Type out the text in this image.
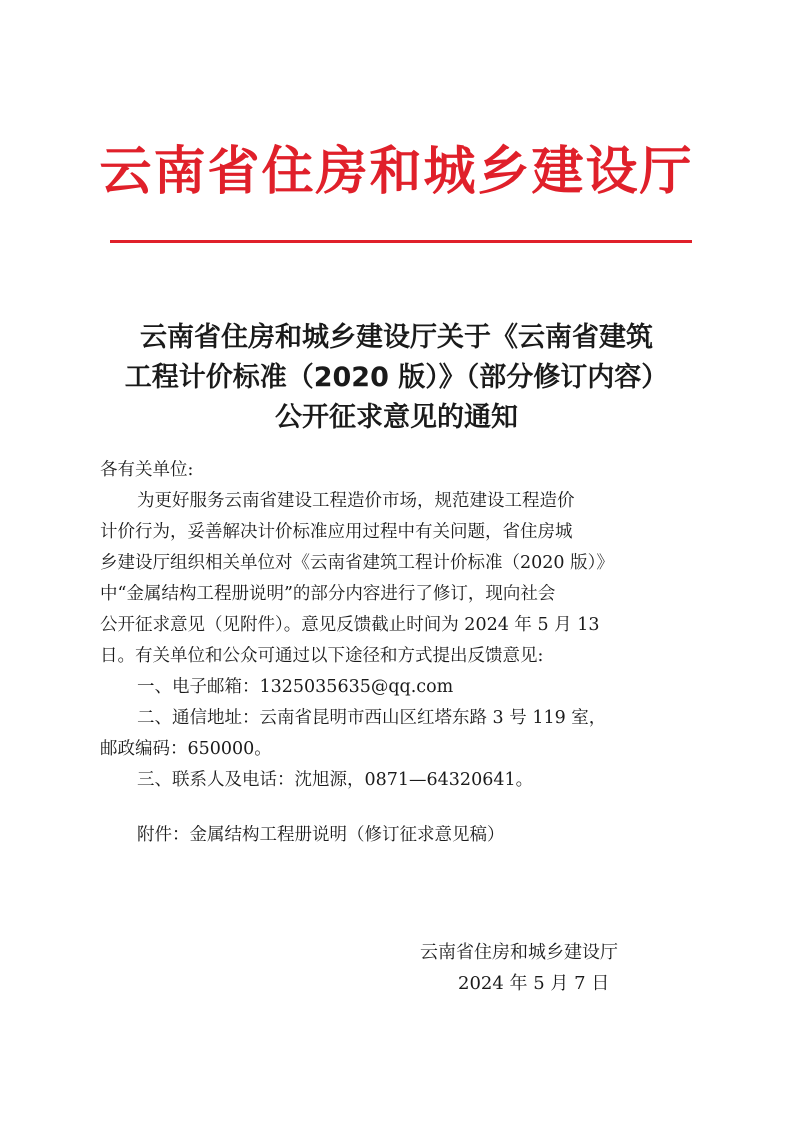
云南省住房和城乡建设厅
云南省住房和城乡建设厅关于《云南省建筑
工程计价标准（2020 版）》（部分修订内容）
公开征求意见的通知

各有关单位:

为更好服务云南省建设工程造价市场，规范建设工程造价

计价行为，妥善解决计价标准应用过程中有关问题，省住房城

乡建设厅组织相关单位对《云南省建筑工程计价标准（2020 版）》

中“金属结构工程册说明”的部分内容进行了修订，现向社会

公开征求意见（见附件）。意见反馈截止时间为 2024 年 5 月 13

日。有关单位和公众可通过以下途径和方式提出反馈意见:

一、电子邮箱：1325035635@qq.com

二、通信地址：云南省昆明市西山区红塔东路 3 号 119 室，

邮政编码：650000。

三、联系人及电话：沈旭源，0871—64320641。

附件：金属结构工程册说明（修订征求意见稿）

云南省住房和城乡建设厅
2024 年 5 月 7 日
